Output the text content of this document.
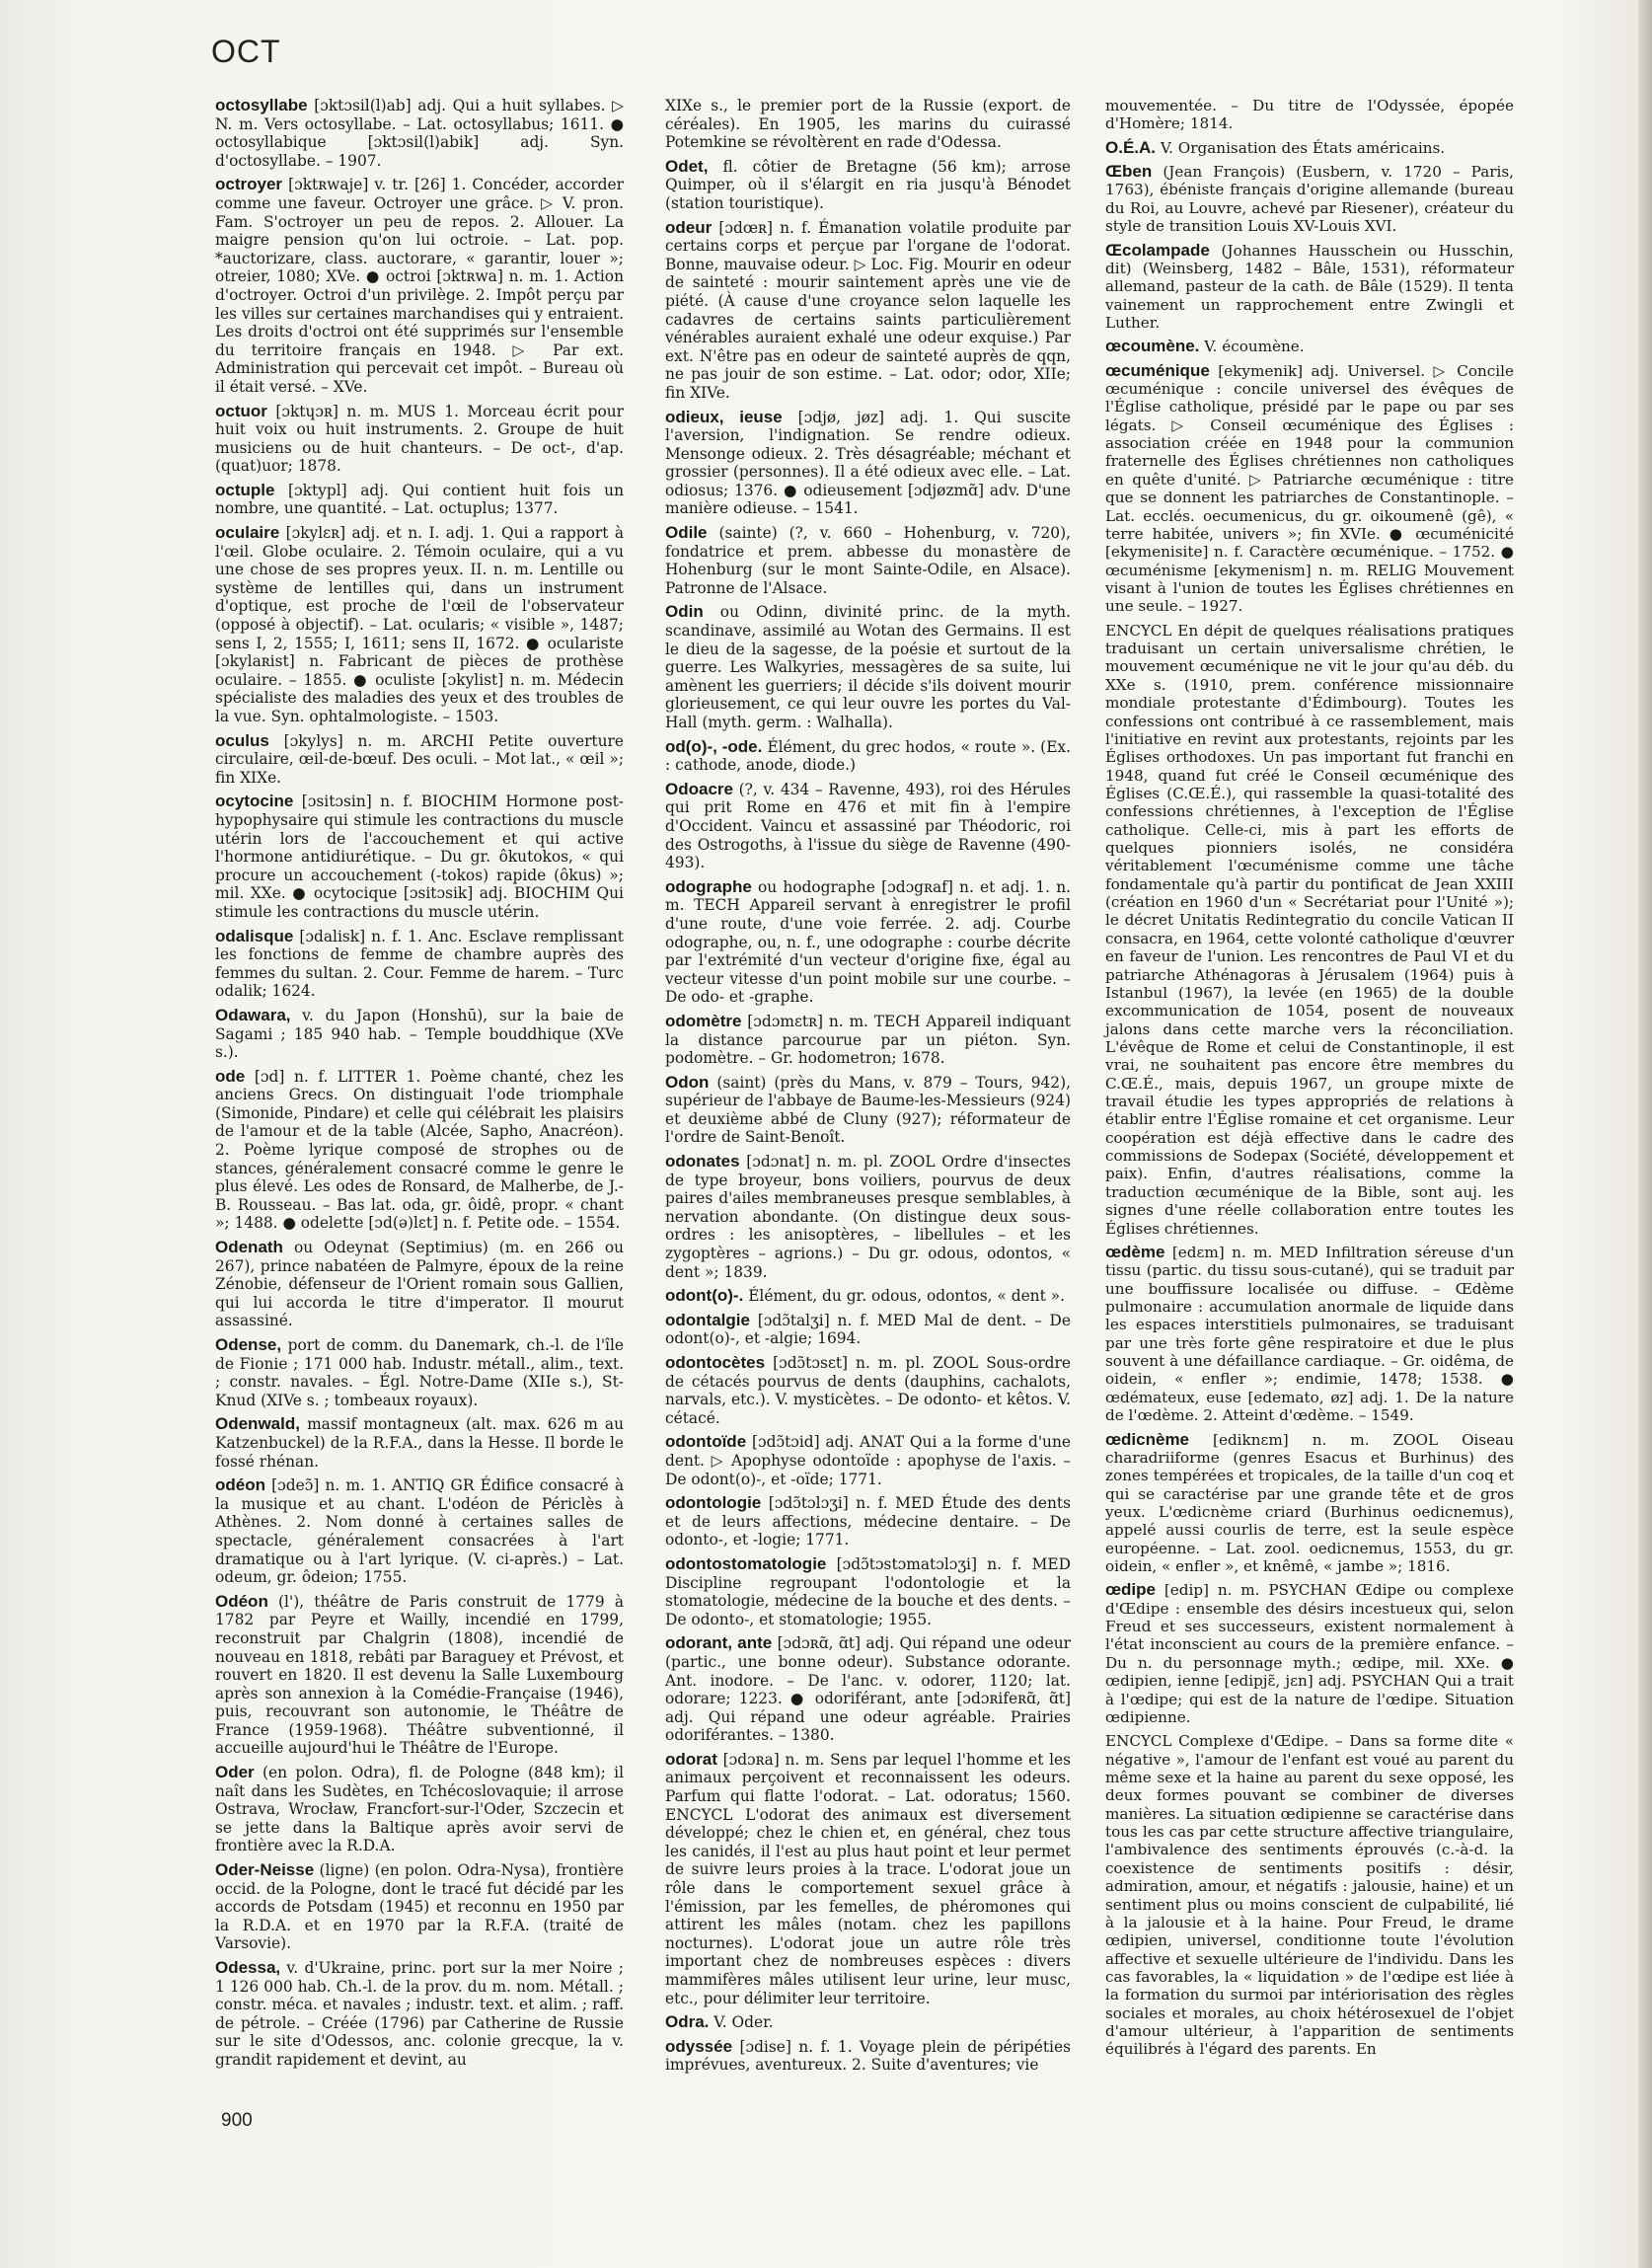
OCT

octosyllabe [ɔktɔsil(l)ab] adj. Qui a huit syllabes. ▷ N. m. Vers octosyllabe. – Lat. octosyllabus; 1611. ● octosyllabique [ɔktɔsil(l)abik] adj. Syn. d'octosyllabe. – 1907.

octroyer [ɔktʀwaje] v. tr. [26] 1. Concéder, accorder comme une faveur. Octroyer une grâce. ▷ V. pron. Fam. S'octroyer un peu de repos. 2. Allouer. La maigre pension qu'on lui octroie. – Lat. pop. *auctorizare, class. auctorare, « garantir, louer »; otreier, 1080; XVe. ● octroi [ɔktʀwa] n. m. 1. Action d'octroyer. Octroi d'un privilège. 2. Impôt perçu par les villes sur certaines marchandises qui y entraient. Les droits d'octroi ont été supprimés sur l'ensemble du territoire français en 1948. ▷ Par ext. Administration qui percevait cet impôt. – Bureau où il était versé. – XVe.

octuor [ɔktɥɔʀ] n. m. MUS 1. Morceau écrit pour huit voix ou huit instruments. 2. Groupe de huit musiciens ou de huit chanteurs. – De oct-, d'ap. (quat)uor; 1878.

octuple [ɔktypl] adj. Qui contient huit fois un nombre, une quantité. – Lat. octuplus; 1377.

oculaire [ɔkylɛʀ] adj. et n. I. adj. 1. Qui a rapport à l'œil. Globe oculaire. 2. Témoin oculaire, qui a vu une chose de ses propres yeux. II. n. m. Lentille ou système de lentilles qui, dans un instrument d'optique, est proche de l'œil de l'observateur (opposé à objectif). – Lat. ocularis; « visible », 1487; sens I, 2, 1555; I, 1611; sens II, 1672. ● oculariste [ɔkylaʀist] n. Fabricant de pièces de prothèse oculaire. – 1855. ● oculiste [ɔkylist] n. m. Médecin spécialiste des maladies des yeux et des troubles de la vue. Syn. ophtalmologiste. – 1503.

oculus [ɔkylys] n. m. ARCHI Petite ouverture circulaire, œil-de-bœuf. Des oculi. – Mot lat., « œil »; fin XIXe.

ocytocine [ɔsitɔsin] n. f. BIOCHIM Hormone post-hypophysaire qui stimule les contractions du muscle utérin lors de l'accouchement et qui active l'hormone antidiurétique. – Du gr. ôkutokos, « qui procure un accouchement (-tokos) rapide (ôkus) »; mil. XXe. ● ocytocique [ɔsitɔsik] adj. BIOCHIM Qui stimule les contractions du muscle utérin.

odalisque [ɔdalisk] n. f. 1. Anc. Esclave remplissant les fonctions de femme de chambre auprès des femmes du sultan. 2. Cour. Femme de harem. – Turc odalik; 1624.

Odawara, v. du Japon (Honshū), sur la baie de Sagami ; 185 940 hab. – Temple bouddhique (XVe s.).

ode [ɔd] n. f. LITTER 1. Poème chanté, chez les anciens Grecs. On distinguait l'ode triomphale (Simonide, Pindare) et celle qui célébrait les plaisirs de l'amour et de la table (Alcée, Sapho, Anacréon). 2. Poème lyrique composé de strophes ou de stances, généralement consacré comme le genre le plus élevé. Les odes de Ronsard, de Malherbe, de J.-B. Rousseau. – Bas lat. oda, gr. ôidê, propr. « chant »; 1488. ● odelette [ɔd(ə)lɛt] n. f. Petite ode. – 1554.

Odenath ou Odeynat (Septimius) (m. en 266 ou 267), prince nabatéen de Palmyre, époux de la reine Zénobie, défenseur de l'Orient romain sous Gallien, qui lui accorda le titre d'imperator. Il mourut assassiné.

Odense, port de comm. du Danemark, ch.-l. de l'île de Fionie ; 171 000 hab. Industr. métall., alim., text. ; constr. navales. – Égl. Notre-Dame (XIIe s.), St-Knud (XIVe s. ; tombeaux royaux).

Odenwald, massif montagneux (alt. max. 626 m au Katzenbuckel) de la R.F.A., dans la Hesse. Il borde le fossé rhénan.

odéon [ɔdeɔ̃] n. m. 1. ANTIQ GR Édifice consacré à la musique et au chant. L'odéon de Périclès à Athènes. 2. Nom donné à certaines salles de spectacle, généralement consacrées à l'art dramatique ou à l'art lyrique. (V. ci-après.) – Lat. odeum, gr. ôdeion; 1755.

Odéon (l'), théâtre de Paris construit de 1779 à 1782 par Peyre et Wailly, incendié en 1799, reconstruit par Chalgrin (1808), incendié de nouveau en 1818, rebâti par Baraguey et Prévost, et rouvert en 1820. Il est devenu la Salle Luxembourg après son annexion à la Comédie-Française (1946), puis, recouvrant son autonomie, le Théâtre de France (1959-1968). Théâtre subventionné, il accueille aujourd'hui le Théâtre de l'Europe.

Oder (en polon. Odra), fl. de Pologne (848 km); il naît dans les Sudètes, en Tchécoslovaquie; il arrose Ostrava, Wrocław, Francfort-sur-l'Oder, Szczecin et se jette dans la Baltique après avoir servi de frontière avec la R.D.A.

Oder-Neisse (ligne) (en polon. Odra-Nysa), frontière occid. de la Pologne, dont le tracé fut décidé par les accords de Potsdam (1945) et reconnu en 1950 par la R.D.A. et en 1970 par la R.F.A. (traité de Varsovie).

Odessa, v. d'Ukraine, princ. port sur la mer Noire ; 1 126 000 hab. Ch.-l. de la prov. du m. nom. Métall. ; constr. méca. et navales ; industr. text. et alim. ; raff. de pétrole. – Créée (1796) par Catherine de Russie sur le site d'Odessos, anc. colonie grecque, la v. grandit rapidement et devint, au

XIXe s., le premier port de la Russie (export. de céréales). En 1905, les marins du cuirassé Potemkine se révoltèrent en rade d'Odessa.

Odet, fl. côtier de Bretagne (56 km); arrose Quimper, où il s'élargit en ria jusqu'à Bénodet (station touristique).

odeur [ɔdœʀ] n. f. Émanation volatile produite par certains corps et perçue par l'organe de l'odorat. Bonne, mauvaise odeur. ▷ Loc. Fig. Mourir en odeur de sainteté : mourir saintement après une vie de piété. (À cause d'une croyance selon laquelle les cadavres de certains saints particulièrement vénérables auraient exhalé une odeur exquise.) Par ext. N'être pas en odeur de sainteté auprès de qqn, ne pas jouir de son estime. – Lat. odor; odor, XIIe; fin XIVe.

odieux, ieuse [ɔdjø, jøz] adj. 1. Qui suscite l'aversion, l'indignation. Se rendre odieux. Mensonge odieux. 2. Très désagréable; méchant et grossier (personnes). Il a été odieux avec elle. – Lat. odiosus; 1376. ● odieusement [ɔdjøzmɑ̃] adv. D'une manière odieuse. – 1541.

Odile (sainte) (?, v. 660 – Hohenburg, v. 720), fondatrice et prem. abbesse du monastère de Hohenburg (sur le mont Sainte-Odile, en Alsace). Patronne de l'Alsace.

Odin ou Odinn, divinité princ. de la myth. scandinave, assimilé au Wotan des Germains. Il est le dieu de la sagesse, de la poésie et surtout de la guerre. Les Walkyries, messagères de sa suite, lui amènent les guerriers; il décide s'ils doivent mourir glorieusement, ce qui leur ouvre les portes du Val-Hall (myth. germ. : Walhalla).

od(o)-, -ode. Élément, du grec hodos, « route ». (Ex. : cathode, anode, diode.)

Odoacre (?, v. 434 – Ravenne, 493), roi des Hérules qui prit Rome en 476 et mit fin à l'empire d'Occident. Vaincu et assassiné par Théodoric, roi des Ostrogoths, à l'issue du siège de Ravenne (490-493).

odographe ou hodographe [ɔdɔgʀaf] n. et adj. 1. n. m. TECH Appareil servant à enregistrer le profil d'une route, d'une voie ferrée. 2. adj. Courbe odographe, ou, n. f., une odographe : courbe décrite par l'extrémité d'un vecteur d'origine fixe, égal au vecteur vitesse d'un point mobile sur une courbe. – De odo- et -graphe.

odomètre [ɔdɔmɛtʀ] n. m. TECH Appareil indiquant la distance parcourue par un piéton. Syn. podomètre. – Gr. hodometron; 1678.

Odon (saint) (près du Mans, v. 879 – Tours, 942), supérieur de l'abbaye de Baume-les-Messieurs (924) et deuxième abbé de Cluny (927); réformateur de l'ordre de Saint-Benoît.

odonates [ɔdɔnat] n. m. pl. ZOOL Ordre d'insectes de type broyeur, bons voiliers, pourvus de deux paires d'ailes membraneuses presque semblables, à nervation abondante. (On distingue deux sous-ordres : les anisoptères, – libellules – et les zygoptères – agrions.) – Du gr. odous, odontos, « dent »; 1839.

odont(o)-. Élément, du gr. odous, odontos, « dent ».

odontalgie [ɔdɔ̃talʒi] n. f. MED Mal de dent. – De odont(o)-, et -algie; 1694.

odontocètes [ɔdɔ̃tɔsɛt] n. m. pl. ZOOL Sous-ordre de cétacés pourvus de dents (dauphins, cachalots, narvals, etc.). V. mysticètes. – De odonto- et kêtos. V. cétacé.

odontoïde [ɔdɔ̃tɔid] adj. ANAT Qui a la forme d'une dent. ▷ Apophyse odontoïde : apophyse de l'axis. – De odont(o)-, et -oïde; 1771.

odontologie [ɔdɔ̃tɔlɔʒi] n. f. MED Étude des dents et de leurs affections, médecine dentaire. – De odonto-, et -logie; 1771.

odontostomatologie [ɔdɔ̃tɔstɔmatɔlɔʒi] n. f. MED Discipline regroupant l'odontologie et la stomatologie, médecine de la bouche et des dents. – De odonto-, et stomatologie; 1955.

odorant, ante [ɔdɔʀɑ̃, ɑ̃t] adj. Qui répand une odeur (partic., une bonne odeur). Substance odorante. Ant. inodore. – De l'anc. v. odorer, 1120; lat. odorare; 1223. ● odoriférant, ante [ɔdɔʀifeʀɑ̃, ɑ̃t] adj. Qui répand une odeur agréable. Prairies odoriférantes. – 1380.

odorat [ɔdɔʀa] n. m. Sens par lequel l'homme et les animaux perçoivent et reconnaissent les odeurs. Parfum qui flatte l'odorat. – Lat. odoratus; 1560. ENCYCL L'odorat des animaux est diversement développé; chez le chien et, en général, chez tous les canidés, il l'est au plus haut point et leur permet de suivre leurs proies à la trace. L'odorat joue un rôle dans le comportement sexuel grâce à l'émission, par les femelles, de phéromones qui attirent les mâles (notam. chez les papillons nocturnes). L'odorat joue un autre rôle très important chez de nombreuses espèces : divers mammifères mâles utilisent leur urine, leur musc, etc., pour délimiter leur territoire.

Odra. V. Oder.

odyssée [ɔdise] n. f. 1. Voyage plein de péripéties imprévues, aventureux. 2. Suite d'aventures; vie

mouvementée. – Du titre de l'Odyssée, épopée d'Homère; 1814.

O.É.A. V. Organisation des États américains.

Œben (Jean François) (Eusbern, v. 1720 – Paris, 1763), ébéniste français d'origine allemande (bureau du Roi, au Louvre, achevé par Riesener), créateur du style de transition Louis XV-Louis XVI.

Œcolampade (Johannes Hausschein ou Husschin, dit) (Weinsberg, 1482 – Bâle, 1531), réformateur allemand, pasteur de la cath. de Bâle (1529). Il tenta vainement un rapprochement entre Zwingli et Luther.

œcoumène. V. écoumène.

œcuménique [ekymenik] adj. Universel. ▷ Concile œcuménique : concile universel des évêques de l'Église catholique, présidé par le pape ou par ses légats. ▷ Conseil œcuménique des Églises : association créée en 1948 pour la communion fraternelle des Églises chrétiennes non catholiques en quête d'unité. ▷ Patriarche œcuménique : titre que se donnent les patriarches de Constantinople. – Lat. ecclés. oecumenicus, du gr. oikoumenê (gê), « terre habitée, univers »; fin XVIe. ● œcuménicité [ekymenisite] n. f. Caractère œcuménique. – 1752. ● œcuménisme [ekymenism] n. m. RELIG Mouvement visant à l'union de toutes les Églises chrétiennes en une seule. – 1927.

ENCYCL En dépit de quelques réalisations pratiques traduisant un certain universalisme chrétien, le mouvement œcuménique ne vit le jour qu'au déb. du XXe s. (1910, prem. conférence missionnaire mondiale protestante d'Édimbourg). Toutes les confessions ont contribué à ce rassemblement, mais l'initiative en revint aux protestants, rejoints par les Églises orthodoxes. Un pas important fut franchi en 1948, quand fut créé le Conseil œcuménique des Églises (C.Œ.É.), qui rassemble la quasi-totalité des confessions chrétiennes, à l'exception de l'Église catholique. Celle-ci, mis à part les efforts de quelques pionniers isolés, ne considéra véritablement l'œcuménisme comme une tâche fondamentale qu'à partir du pontificat de Jean XXIII (création en 1960 d'un « Secrétariat pour l'Unité »); le décret Unitatis Redintegratio du concile Vatican II consacra, en 1964, cette volonté catholique d'œuvrer en faveur de l'union. Les rencontres de Paul VI et du patriarche Athénagoras à Jérusalem (1964) puis à Istanbul (1967), la levée (en 1965) de la double excommunication de 1054, posent de nouveaux jalons dans cette marche vers la réconciliation. L'évêque de Rome et celui de Constantinople, il est vrai, ne souhaitent pas encore être membres du C.Œ.É., mais, depuis 1967, un groupe mixte de travail étudie les types appropriés de relations à établir entre l'Église romaine et cet organisme. Leur coopération est déjà effective dans le cadre des commissions de Sodepax (Société, développement et paix). Enfin, d'autres réalisations, comme la traduction œcuménique de la Bible, sont auj. les signes d'une réelle collaboration entre toutes les Églises chrétiennes.

œdème [edɛm] n. m. MED Infiltration séreuse d'un tissu (partic. du tissu sous-cutané), qui se traduit par une bouffissure localisée ou diffuse. – Œdème pulmonaire : accumulation anormale de liquide dans les espaces interstitiels pulmonaires, se traduisant par une très forte gêne respiratoire et due le plus souvent à une défaillance cardiaque. – Gr. oidêma, de oidein, « enfler »; endimie, 1478; 1538. ● œdémateux, euse [edemato, øz] adj. 1. De la nature de l'œdème. 2. Atteint d'œdème. – 1549.

œdicnème [ediknɛm] n. m. ZOOL Oiseau charadriiforme (genres Esacus et Burhinus) des zones tempérées et tropicales, de la taille d'un coq et qui se caractérise par une grande tête et de gros yeux. L'œdicnème criard (Burhinus oedicnemus), appelé aussi courlis de terre, est la seule espèce européenne. – Lat. zool. oedicnemus, 1553, du gr. oidein, « enfler », et knêmê, « jambe »; 1816.

œdipe [edip] n. m. PSYCHAN Œdipe ou complexe d'Œdipe : ensemble des désirs incestueux qui, selon Freud et ses successeurs, existent normalement à l'état inconscient au cours de la première enfance. – Du n. du personnage myth.; œdipe, mil. XXe. ● œdipien, ienne [edipjɛ̃, jɛn] adj. PSYCHAN Qui a trait à l'œdipe; qui est de la nature de l'œdipe. Situation œdipienne.

ENCYCL Complexe d'Œdipe. – Dans sa forme dite « négative », l'amour de l'enfant est voué au parent du même sexe et la haine au parent du sexe opposé, les deux formes pouvant se combiner de diverses manières. La situation œdipienne se caractérise dans tous les cas par cette structure affective triangulaire, l'ambivalence des sentiments éprouvés (c.-à-d. la coexistence de sentiments positifs : désir, admiration, amour, et négatifs : jalousie, haine) et un sentiment plus ou moins conscient de culpabilité, lié à la jalousie et à la haine. Pour Freud, le drame œdipien, universel, conditionne toute l'évolution affective et sexuelle ultérieure de l'individu. Dans les cas favorables, la « liquidation » de l'œdipe est liée à la formation du surmoi par intériorisation des règles sociales et morales, au choix hétérosexuel de l'objet d'amour ultérieur, à l'apparition de sentiments équilibrés à l'égard des parents. En

900
